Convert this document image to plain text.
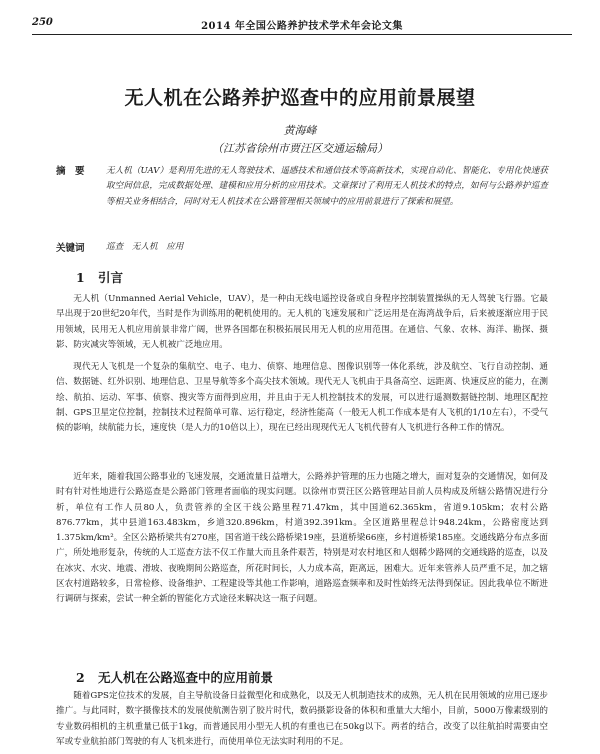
250	2014 年全国公路养护技术学术年会论文集
无人机在公路养护巡查中的应用前景展望
黄海峰
（江苏省徐州市贾汪区交通运输局）
摘　要 无人机（UAV）是利用先进的无人驾驶技术、遥感技术和通信技术等高新技术，实现自动化、智能化、专用化快速获取空间信息，完成数据处理、建模和应用分析的应用技术。文章探讨了利用无人机技术的特点，如何与公路养护巡查等相关业务相结合，同时对无人机技术在公路管理相关领域中的应用前景进行了探索和展望。
关键词 巡查　无人机　应用
1 引言

无人机（Unmanned Aerial Vehicle，UAV），是一种由无线电遥控设备或自身程序控制装置操纵的无人驾驶飞行器。它最早出现于20世纪20年代，当时是作为训练用的靶机使用的。无人机的飞速发展和广泛运用是在海湾战争后，后来被逐渐应用于民用领域，民用无人机应用前景非常广阔，世界各国都在积极拓展民用无人机的应用范围。在通信、气象、农林、海洋、勘探、摄影、防灾减灾等领域，无人机被广泛地应用。

现代无人飞机是一个复杂的集航空、电子、电力、侦察、地理信息、图像识别等一体化系统，涉及航空、飞行自动控制、通信、数据链、红外识别、地理信息、卫星导航等多个高尖技术领域。现代无人飞机由于具备高空、远距离、快速反应的能力，在测绘、航拍、运动、军事、侦察、搜灾等方面得到应用，并且由于无人机控制技术的发展，可以进行遥测数据链控制、地理区配控制、GPS卫星定位控制，控制技术过程简单可靠、运行稳定，经济性能高（一般无人机工作成本是有人飞机的1/10左右），不受气候的影响，续航能力长，速度快（是人力的10倍以上），现在已经出现现代无人飞机代替有人飞机进行各种工作的情况。

近年来，随着我国公路事业的飞速发展，交通流量日益增大，公路养护管理的压力也随之增大，面对复杂的交通情况，如何及时有针对性地进行公路巡查是公路部门管理者面临的现实问题。以徐州市贾汪区公路管理站目前人员构成及所辖公路情况进行分析，单位有工作人员80人，负责管养的全区干线公路里程71.47km，其中国道62.365km，省道9.105km；农村公路876.77km，其中县道163.483km，乡道320.896km，村道392.391km。全区道路里程总计948.24km，公路密度达到1.375km/km²。全区公路桥梁共有270座，国省道干线公路桥梁19座，县道桥梁66座，乡村道桥梁185座。交通线路分布点多面广，所处地形复杂，传统的人工巡查方法不仅工作量大而且条件艰苦，特别是对农村地区和人烟稀少路网的交通线路的巡查，以及在冰灾、水灾、地震、滑坡、夜晚期间公路巡查，所花时间长，人力成本高，距离远，困难大。近年来管养人员严重不足，加之辖区农村道路较多，日常检修、设备维护、工程建设等其他工作影响，道路巡查频率和及时性始终无法得到保证。因此我单位不断进行调研与探索，尝试一种全新的智能化方式途径来解决这一瓶子问题。

2 无人机在公路巡查中的应用前景

随着GPS定位技术的发展，自主导航设备日益微型化和成熟化，以及无人机制造技术的成熟，无人机在民用领域的应用已逐步推广。与此同时，数字摄像技术的发展使航测告别了胶片时代，数码摄影设备的体积和重量大大缩小，目前，5000万像素级别的专业数码相机的主机重量已低于1kg，而普通民用小型无人机的有重也已在50kg以下。两者的结合，改变了以往航拍时需要由空军或专业航拍部门驾驶的有人飞机来进行，而使用单位无法实时利用的不足。
